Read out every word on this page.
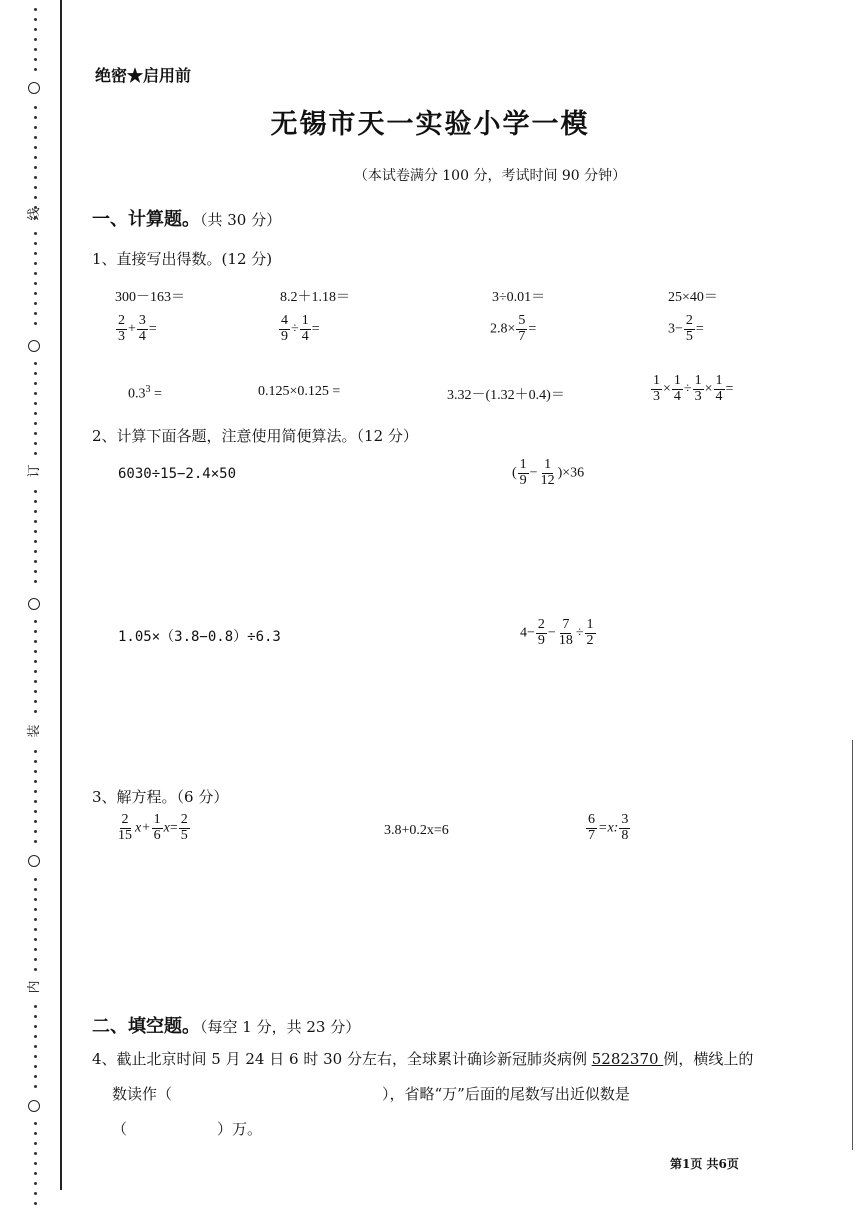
线
订
装
内
绝密★启用前
无锡市天一实验小学一模
（本试卷满分 100 分，考试时间 90 分钟）
一、计算题。（共 30 分）
1、直接写出得数。(12 分)
300－163＝	8.2＋1.18＝	3÷0.01＝	25×40＝
$\frac{2}{3} + \frac{3}{4}$ =	$\frac{4}{9} \div \frac{1}{4}$ =	$2.8\times \frac{5}{7}$ =	$3- \frac{2}{5}$ =
$0.3^3$ =	0.125×0.125 =	3.32－(1.32＋0.4)＝	$\frac{1}{3} \times \frac{1}{4} \div \frac{1}{3} \times \frac{1}{4}$ =
2、计算下面各题，注意使用简便算法。（12 分）
6030÷15−2.4×50	( $\frac{1}{9} - \frac{1}{12} )\times 36$
1.05×（3.8−0.8）÷6.3	$4- \frac{2}{9} - \frac{7}{18} \div \frac{1}{2}$
3、解方程。（6 分）
$\frac{2}{15} x+ \frac{1}{6} x= \frac{2}{5}$	3.8+0.2x=6	$\frac{6}{7} =x$: $\frac{3}{8}$
二、填空题。（每空 1 分，共 23 分）
4、截止北京时间 5 月 24 日 6 时 30 分左右，全球累计确诊新冠肺炎病例 5282370 例，横线上的
数读作（　　　　　　　　　　　　　　），省略“万”后面的尾数写出近似数是
（　　　　　　）万。
第1页 共6页
